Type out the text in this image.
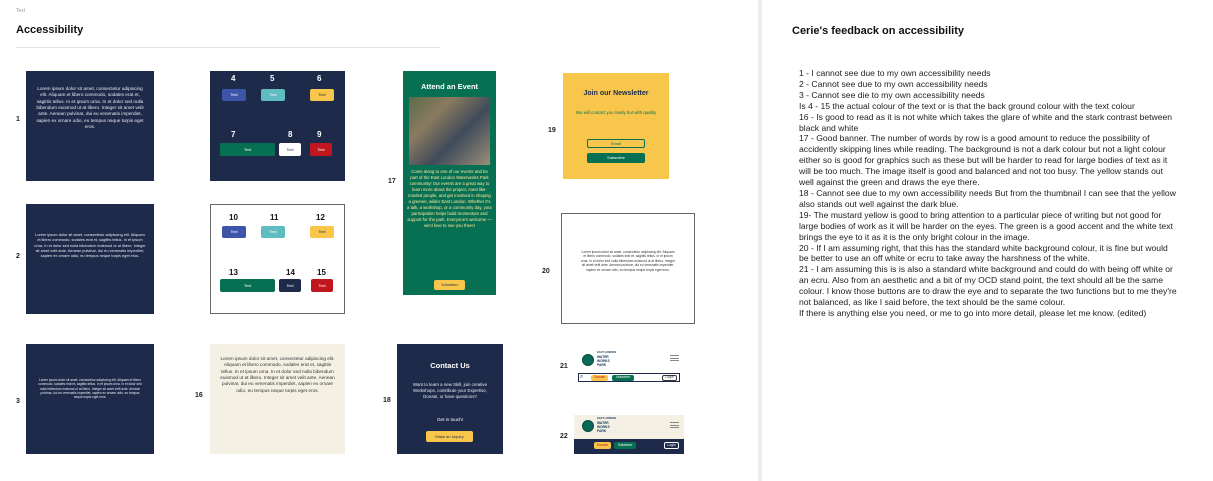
Text
Accessibility
1
2
3
Lorem ipsum dolor sit amet, consectetur adipiscing elit. Aliquam et libero commodo, sodales erat et, sagittis tellus. In et ipsum urna. In et dolor sed nulla bibendum euismod ut at libero. Integer sit amet velit ante. Aenean pulvinar, dui eu venenatis imperdiet, sapien ex ornare odio, eu tempus neque turpis eget eros.
Lorem ipsum dolor sit amet, consectetur adipiscing elit. Aliquam et libero commodo, sodales erat et, sagittis tellus. In et ipsum urna. In et dolor sed nulla bibendum euismod ut at libero. Integer sit amet velit ante. Aenean pulvinar, dui eu venenatis imperdiet, sapien ex ornare odio, eu tempus neque turpis eget eros.
Lorem ipsum dolor sit amet, consectetur adipiscing elit. Aliquam et libero commodo, sodales erat et, sagittis tellus. In et ipsum urna. In et dolor sed nulla bibendum euismod ut at libero. Integer sit amet velit ante. Aenean pulvinar, dui eu venenatis imperdiet, sapien ex ornare odio, eu tempus neque turpis eget eros.
4	5	6
Text	Text	Text
7	8	9
Text	Text	Text
10	11	12
Text	Text	Text
13	14	15
Text	Text	Text
16
Lorem ipsum dolor sit amet, consectetur adipiscing elit. Aliquam et libero commodo, sodales erat et, sagittis tellus. In et ipsum urna. In et dolor sed nulla bibendum euismod ut at libero. Integer sit amet velit ante. Aenean pulvinar, dui eu venenatis imperdiet, sapien ex ornare odio, eu tempus neque turpis eget eros.
17
Attend an Event
Come along to one of our events and be part of the East London Waterworks Park community! Our events are a great way to learn more about the project, meet like-minded people, and get involved in shaping a greener, wilder East London. Whether it's a talk, a workshop, or a community day, your participation helps build momentum and support for the park. Everyone's welcome — we'd love to see you there!
Volunteer
18
Contact Us
Want to learn a new Skill, join creative Workshops, contribute your Expertise, Donate, or have questions?
Get in touch!
Make an Inquiry
19
Join our Newsletter
We will contact you rarely but with quality
Email
Subscribe
20
Lorem ipsum dolor sit amet, consectetur adipiscing elit. Aliquam et libero commodo, sodales erat et, sagittis tellus. In et ipsum urna. In et dolor sed nulla bibendum euismod ut at libero. Integer sit amet velit ante. Aenean pulvinar, dui eu venenatis imperdiet, sapien ex ornare odio, eu tempus neque turpis eget eros.
21
EAST LONDON
WATER
WORKS
PARK
⌕	Donate	Volunteer	Login
22
EAST LONDON
WATER
WORKS
PARK
Donate	Volunteer	Login
Cerie's feedback on accessibility
1 - I cannot see due to my own accessibility needs
2 - Cannot see due to my own accessibility needs
3 - Cannot see die to my own accessibility needs
Is 4 - 15 the actual colour of the text or is that the back ground colour with the text colour
16 - Is good to read as it is not white which takes the glare of white and the stark contrast between black and white
17 - Good banner. The number of words by row is a good amount to reduce the possibility of accidently skipping lines while reading. The background is not a dark colour but not a light colour either so is good for graphics such as these but will be harder to read for large bodies of text as it will be too much. The image itself is good and balanced and not too busy. The yellow stands out well against the green and draws the eye there.
18 - Cannot see due to my own accessibility needs But from the thumbnail I can see that the yellow also stands out well against the dark blue.
19- The mustard yellow is good to bring attention to a particular piece of writing but not good for large bodies of work as it will be harder on the eyes. The green is a good accent and the white text brings the eye to it as it is the only bright colour in the image.
20 - If I am assuming right, that this has the standard white background colour, it is fine but would be better to use an off white or ecru to take away the harshness of the white.
21 - I am assuming this is is also a standard white background and could do with being off white or an ecru. Also from an aesthetic and a bit of my OCD stand point, the text should all be the same colour. I know those buttons are to draw the eye and to separate the two functions but to me they're not balanced, as like I said before, the text should be the same colour.
If there is anything else you need, or me to go into more detail, please let me know. (edited)
